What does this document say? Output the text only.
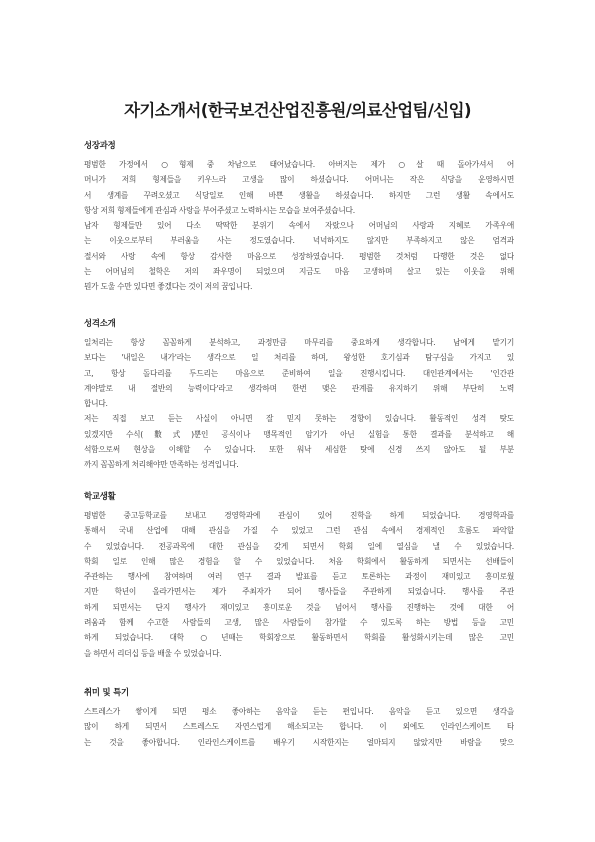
자기소개서(한국보건산업진흥원/의료산업팀/신입)
성장과정
평범한 가정에서 ○형제 중 차남으로 태어났습니다. 아버지는 제가 ○살 때 돌아가셔서 어
머니가 저희 형제들을 키우느라 고생을 많이 하셨습니다. 어머니는 작은 식당을 운영하시면
서 생계를 꾸려오셨고 식당일로 인해 바쁜 생활을 하셨습니다. 하지만 그런 생활 속에서도
항상 저희 형제들에게 관심과 사랑을 부어주셨고 노력하시는 모습을 보여주셨습니다.
남자 형제들만 있어 다소 딱딱한 분위기 속에서 자랐으나 어머님의 사랑과 지혜로 가족우애
는 이웃으로부터 부러움을 사는 정도였습니다. 넉넉하지도 않지만 부족하지고 않은 엄격과
절서와 사랑 속에 항상 감사한 마음으로 성장하였습니다. 평범한 것처럼 다행한 것은 없다
는 어머님의 철학은 저의 좌우명이 되었으며 지금도 마음 고생하며 살고 있는 이웃을 위해
뭔가 도울 수만 있다면 좋겠다는 것이 저의 꿈입니다.
성격소개
일처리는 항상 꼼꼼하게 분석하고, 과정만큼 마무리를 중요하게 생각합니다. 남에게 맡기기
보다는 '내일은 내가'라는 생각으로 일 처리를 하며, 왕성한 호기심과 탐구심을 가지고 있
고, 항상 돌다리를 두드리는 마음으로 준비하여 일을 진행시킵니다. 대인관계에서는 '인간관
계야말로 내 절반의 능력이다'라고 생각하며 한번 맺은 관계를 유지하기 위해 부단히 노력
합니다.
저는 직접 보고 듣는 사실이 아니면 잘 믿지 못하는 경향이 있습니다. 활동적인 성격 탓도
있겠지만 수식(數式)뿐인 공식이나 맹목적인 암기가 아닌 실험을 통한 결과를 분석하고 해
석함으로써 현상을 이해할 수 있습니다. 또한 워낙 세심한 탓에 신경 쓰지 않아도 될 부분
까지 꼼꼼하게 처리해야만 만족하는 성격입니다.
학교생활
평범한 중고등학교를 보내고 경영학과에 관심이 있어 진학을 하게 되었습니다. 경영학과를
통해서 국내 산업에 대해 관심을 가질 수 있었고 그런 관심 속에서 경제적인 흐름도 파악할
수 있었습니다. 전공과목에 대한 관심을 갖게 되면서 학회 일에 열심을 낼 수 있었습니다.
학회 일로 인해 많은 경험을 할 수 있었습니다. 처음 학회에서 활동하게 되면서는 선배들이
주관하는 행사에 참여하며 여러 연구 결과 발표를 듣고 토론하는 과정이 재미있고 흥미로웠
지만 학년이 올라가면서는 제가 주최자가 되어 행사들을 주관하게 되었습니다. 행사를 주관
하게 되면서는 단지 행사가 재미있고 흥미로운 것을 넘어서 행사를 진행하는 것에 대한 어
려움과 함께 수고한 사람들의 고생, 많은 사람들이 참가할 수 있도록 하는 방법 등을 고민
하게 되었습니다. 대학 ○년때는 학회장으로 활동하면서 학회를 활성화시키는데 많은 고민
을 하면서 리더십 등을 배울 수 있었습니다.
취미 및 특기
스트레스가 쌓이게 되면 평소 좋아하는 음악을 듣는 편입니다. 음악을 듣고 있으면 생각을
많이 하게 되면서 스트레스도 자연스럽게 해소되고는 합니다. 이 외에도 인라인스케이트 타
는 것을 좋아합니다. 인라인스케이트를 배우기 시작한지는 얼마되지 않았지만 바람을 맞으
